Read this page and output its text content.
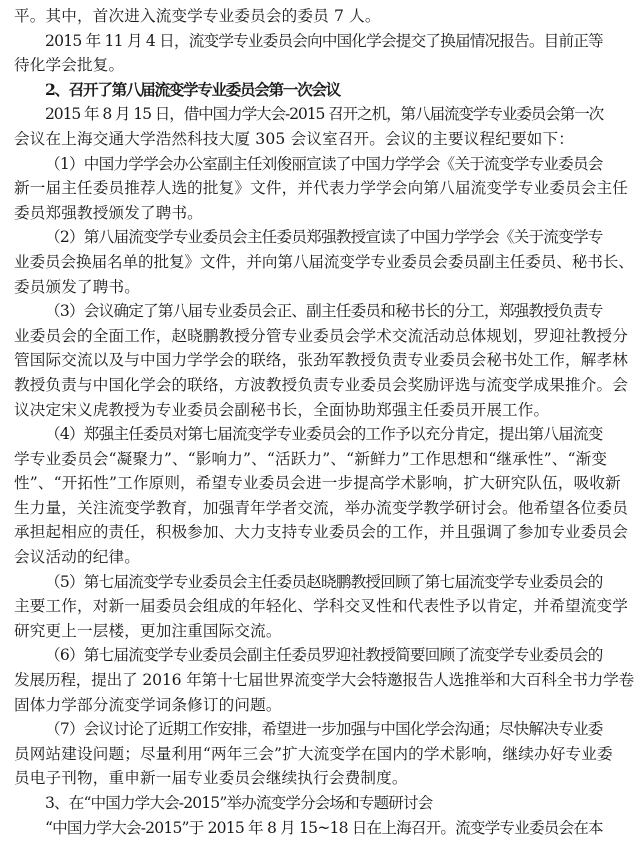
平。其中，首次进入流变学专业委员会的委员 7 人。
2015 年 11 月 4 日，流变学专业委员会向中国化学会提交了换届情况报告。目前正等
待化学会批复。
2、召开了第八届流变学专业委员会第一次会议
2015 年 8 月 15 日，借中国力学大会-2015 召开之机，第八届流变学专业委员会第一次
会议在上海交通大学浩然科技大厦 305 会议室召开。会议的主要议程纪要如下：
（1）中国力学学会办公室副主任刘俊丽宣读了中国力学学会《关于流变学专业委员会
新一届主任委员推荐人选的批复》文件，并代表力学学会向第八届流变学专业委员会主任
委员郑强教授颁发了聘书。
（2）第八届流变学专业委员会主任委员郑强教授宣读了中国力学学会《关于流变学专
业委员会换届名单的批复》文件，并向第八届流变学专业委员会委员副主任委员、秘书长、
委员颁发了聘书。
（3）会议确定了第八届专业委员会正、副主任委员和秘书长的分工，郑强教授负责专
业委员会的全面工作，赵晓鹏教授分管专业委员会学术交流活动总体规划，罗迎社教授分
管国际交流以及与中国力学学会的联络，张劲军教授负责专业委员会秘书处工作，解孝林
教授负责与中国化学会的联络，方波教授负责专业委员会奖励评选与流变学成果推介。会
议决定宋义虎教授为专业委员会副秘书长，全面协助郑强主任委员开展工作。
（4）郑强主任委员对第七届流变学专业委员会的工作予以充分肯定，提出第八届流变
学专业委员会“凝聚力”、“影响力”、“活跃力”、“新鲜力”工作思想和“继承性”、“渐变
性”、“开拓性”工作原则，希望专业委员会进一步提高学术影响，扩大研究队伍，吸收新
生力量，关注流变学教育，加强青年学者交流，举办流变学教学研讨会。他希望各位委员
承担起相应的责任，积极参加、大力支持专业委员会的工作，并且强调了参加专业委员会
会议活动的纪律。
（5）第七届流变学专业委员会主任委员赵晓鹏教授回顾了第七届流变学专业委员会的
主要工作，对新一届委员会组成的年轻化、学科交叉性和代表性予以肯定，并希望流变学
研究更上一层楼，更加注重国际交流。
（6）第七届流变学专业委员会副主任委员罗迎社教授简要回顾了流变学专业委员会的
发展历程，提出了 2016 年第十七届世界流变学大会特邀报告人选推举和大百科全书力学卷
固体力学部分流变学词条修订的问题。
（7）会议讨论了近期工作安排，希望进一步加强与中国化学会沟通；尽快解决专业委
员网站建设问题；尽量利用“两年三会”扩大流变学在国内的学术影响，继续办好专业委
员电子刊物，重申新一届专业委员会继续执行会费制度。
3、在“中国力学大会-2015”举办流变学分会场和专题研讨会
“中国力学大会-2015”于 2015 年 8 月 15~18 日在上海召开。流变学专业委员会在本
